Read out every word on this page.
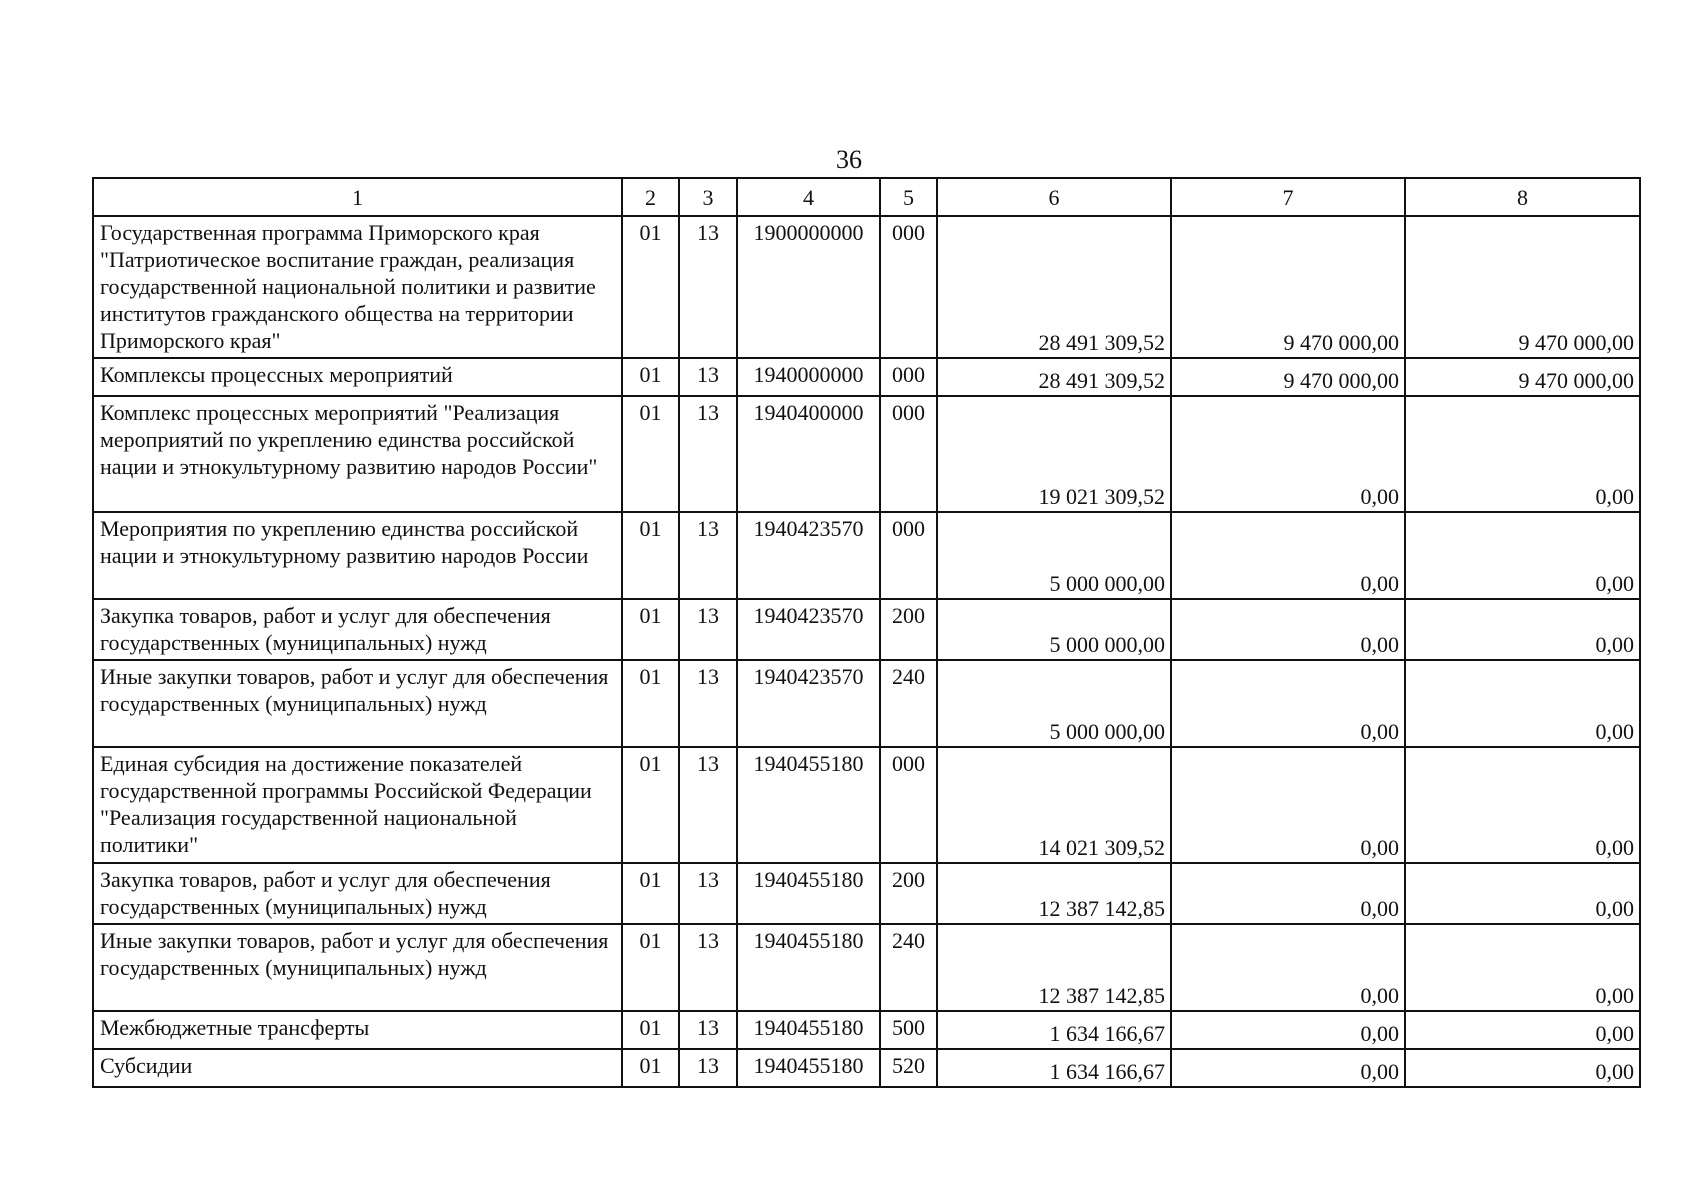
36
1	2	3	4	5	6	7	8
Государственная программа Приморского края "Патриотическое воспитание граждан, реализация государственной национальной политики и развитие институтов гражданского общества на территории Приморского края"	01	13	1900000000	000	28 491 309,52	9 470 000,00	9 470 000,00
Комплексы процессных мероприятий	01	13	1940000000	000	28 491 309,52	9 470 000,00	9 470 000,00
Комплекс процессных мероприятий "Реализация мероприятий по укреплению единства российской нации и этнокультурному развитию народов России"	01	13	1940400000	000	19 021 309,52	0,00	0,00
Мероприятия по укреплению единства российской нации и этнокультурному развитию народов России	01	13	1940423570	000	5 000 000,00	0,00	0,00
Закупка товаров, работ и услуг для обеспечения государственных (муниципальных) нужд	01	13	1940423570	200	5 000 000,00	0,00	0,00
Иные закупки товаров, работ и услуг для обеспечения государственных (муниципальных) нужд	01	13	1940423570	240	5 000 000,00	0,00	0,00
Единая субсидия на достижение показателей государственной программы Российской Федерации "Реализация государственной национальной политики"	01	13	1940455180	000	14 021 309,52	0,00	0,00
Закупка товаров, работ и услуг для обеспечения государственных (муниципальных) нужд	01	13	1940455180	200	12 387 142,85	0,00	0,00
Иные закупки товаров, работ и услуг для обеспечения государственных (муниципальных) нужд	01	13	1940455180	240	12 387 142,85	0,00	0,00
Межбюджетные трансферты	01	13	1940455180	500	1 634 166,67	0,00	0,00
Субсидии	01	13	1940455180	520	1 634 166,67	0,00	0,00
